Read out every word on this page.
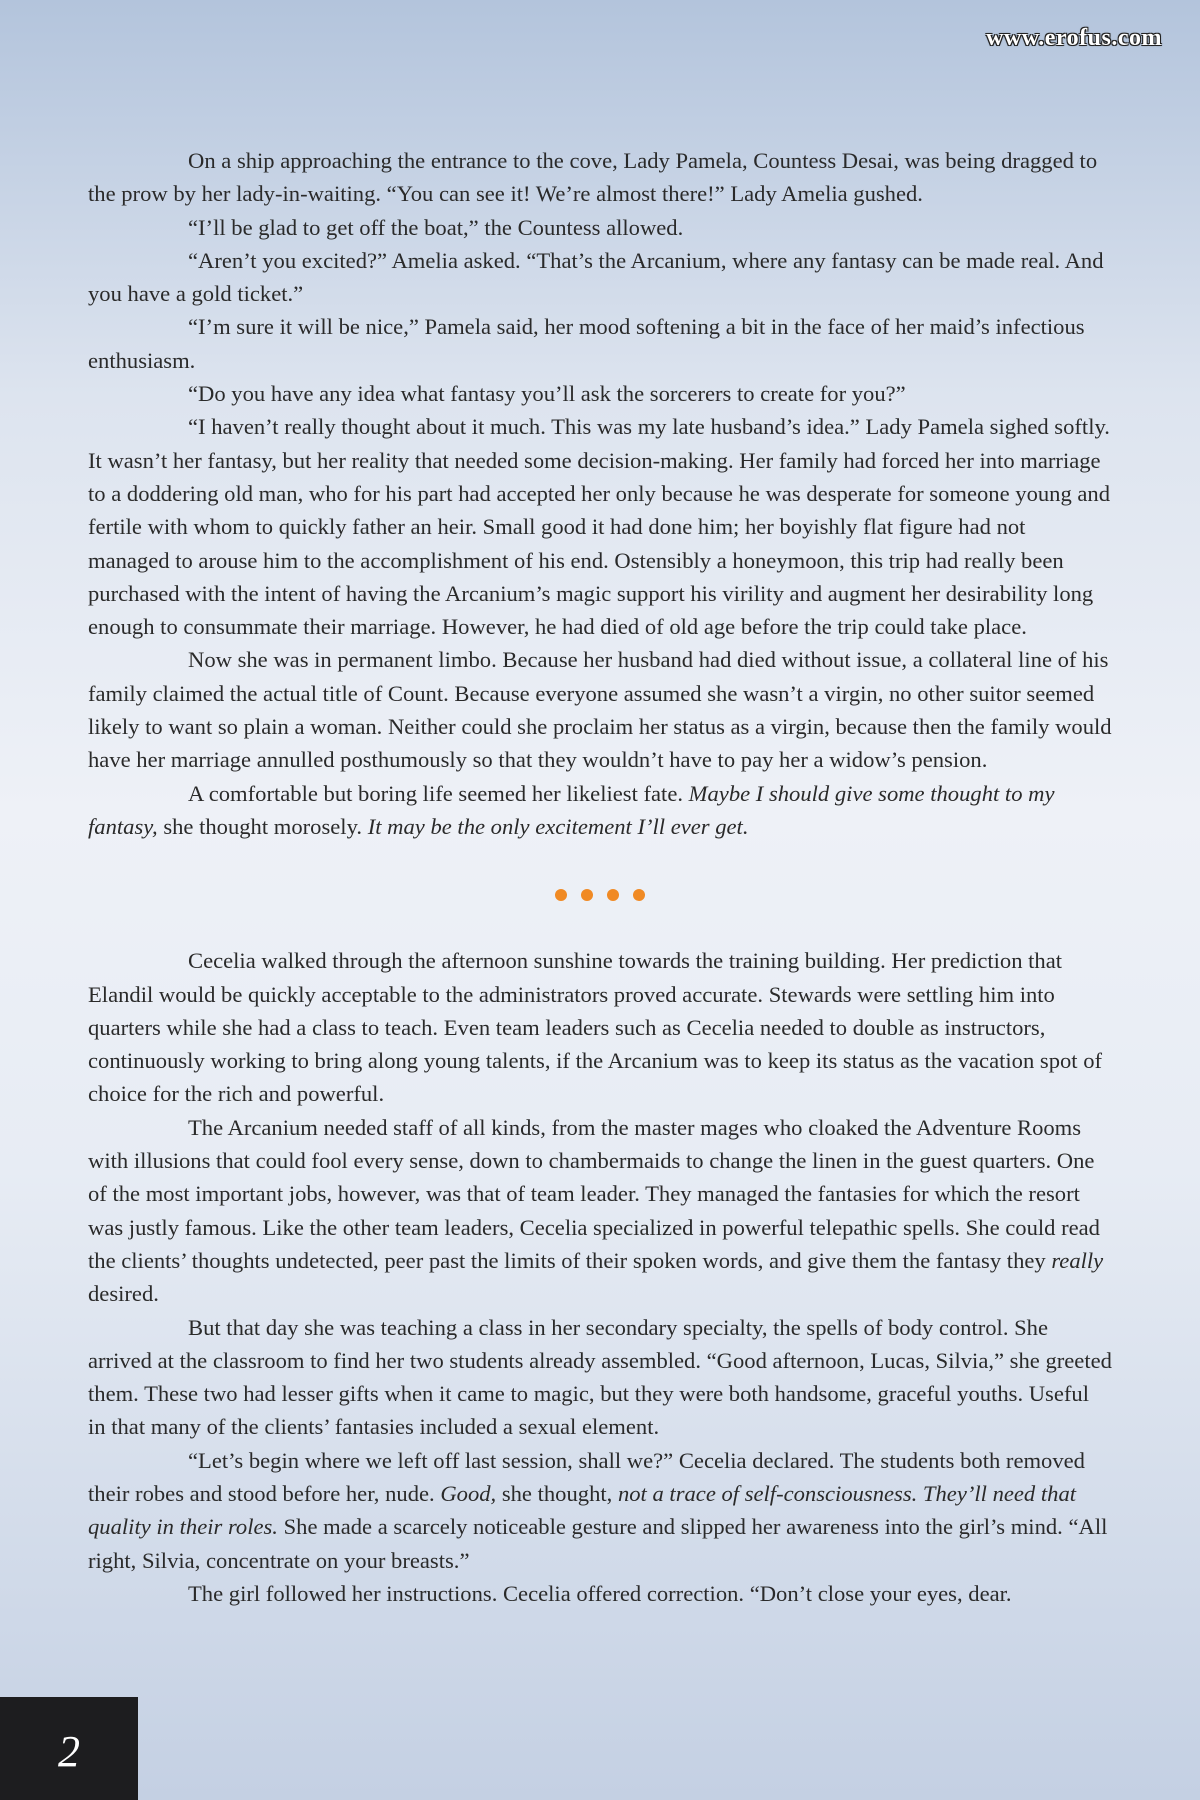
www.erofus.com

On a ship approaching the entrance to the cove, Lady Pamela, Countess Desai, was being dragged to the prow by her lady-in-waiting. “You can see it! We’re almost there!” Lady Amelia gushed.

“I’ll be glad to get off the boat,” the Countess allowed.

“Aren’t you excited?” Amelia asked. “That’s the Arcanium, where any fantasy can be made real. And you have a gold ticket.”

“I’m sure it will be nice,” Pamela said, her mood softening a bit in the face of her maid’s infectious enthusiasm.

“Do you have any idea what fantasy you’ll ask the sorcerers to create for you?”

“I haven’t really thought about it much. This was my late husband’s idea.” Lady Pamela sighed softly. It wasn’t her fantasy, but her reality that needed some decision-making. Her family had forced her into marriage to a doddering old man, who for his part had accepted her only because he was desperate for someone young and fertile with whom to quickly father an heir. Small good it had done him; her boyishly flat figure had not managed to arouse him to the accomplishment of his end. Ostensibly a honeymoon, this trip had really been purchased with the intent of having the Arcanium’s magic support his virility and augment her desirability long enough to consummate their marriage. However, he had died of old age before the trip could take place.

Now she was in permanent limbo. Because her husband had died without issue, a collateral line of his family claimed the actual title of Count. Because everyone assumed she wasn’t a virgin, no other suitor seemed likely to want so plain a woman. Neither could she proclaim her status as a virgin, because then the family would have her marriage annulled posthumously so that they wouldn’t have to pay her a widow’s pension.

A comfortable but boring life seemed her likeliest fate. Maybe I should give some thought to my fantasy, she thought morosely. It may be the only excitement I’ll ever get.

Cecelia walked through the afternoon sunshine towards the training building. Her prediction that Elandil would be quickly acceptable to the administrators proved accurate. Stewards were settling him into quarters while she had a class to teach. Even team leaders such as Cecelia needed to double as instructors, continuously working to bring along young talents, if the Arcanium was to keep its status as the vacation spot of choice for the rich and powerful.

The Arcanium needed staff of all kinds, from the master mages who cloaked the Adventure Rooms with illusions that could fool every sense, down to chambermaids to change the linen in the guest quarters. One of the most important jobs, however, was that of team leader. They managed the fantasies for which the resort was justly famous. Like the other team leaders, Cecelia specialized in powerful telepathic spells. She could read the clients’ thoughts undetected, peer past the limits of their spoken words, and give them the fantasy they really desired.

But that day she was teaching a class in her secondary specialty, the spells of body control. She arrived at the classroom to find her two students already assembled. “Good afternoon, Lucas, Silvia,” she greeted them. These two had lesser gifts when it came to magic, but they were both handsome, graceful youths. Useful in that many of the clients’ fantasies included a sexual element.

“Let’s begin where we left off last session, shall we?” Cecelia declared. The students both removed their robes and stood before her, nude. Good, she thought, not a trace of self-consciousness. They’ll need that quality in their roles. She made a scarcely noticeable gesture and slipped her awareness into the girl’s mind. “All right, Silvia, concentrate on your breasts.”

The girl followed her instructions. Cecelia offered correction. “Don’t close your eyes, dear.

2
